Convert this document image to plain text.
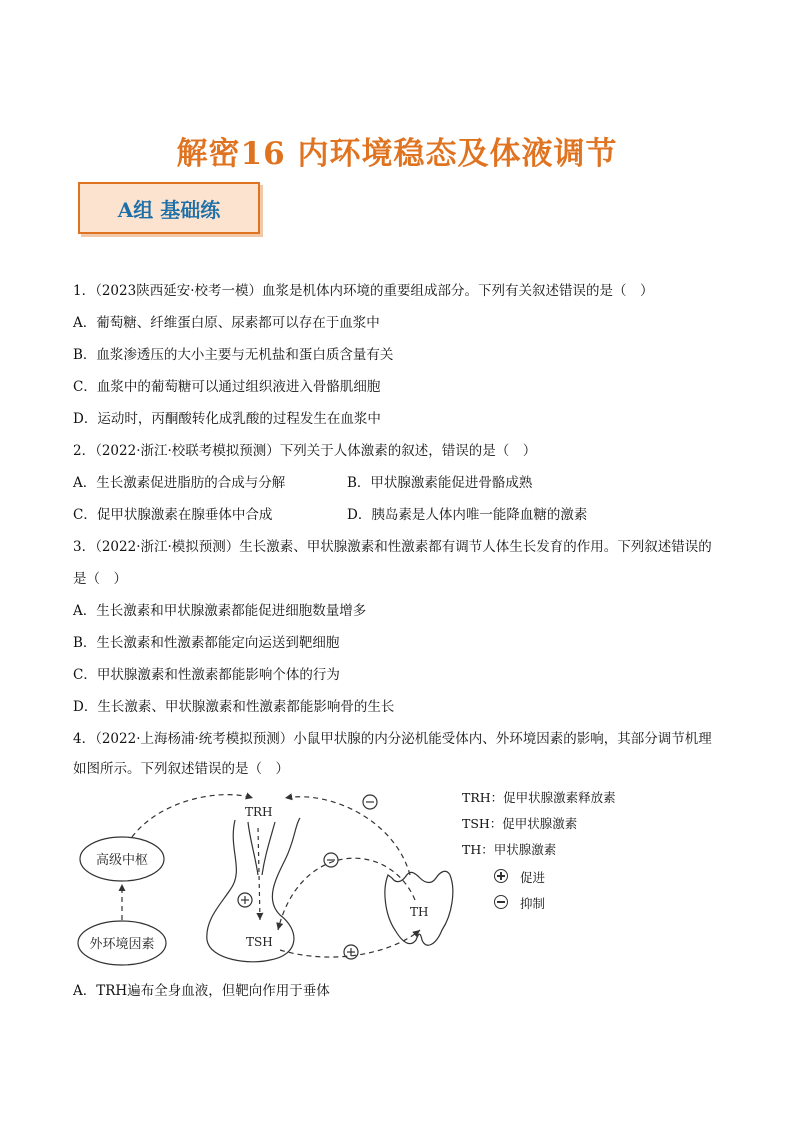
解密16 内环境稳态及体液调节
A组 基础练
1．（2023陕西延安·校考一模）血浆是机体内环境的重要组成部分。下列有关叙述错误的是（　）
A．葡萄糖、纤维蛋白原、尿素都可以存在于血浆中
B．血浆渗透压的大小主要与无机盐和蛋白质含量有关
C．血浆中的葡萄糖可以通过组织液进入骨骼肌细胞
D．运动时，丙酮酸转化成乳酸的过程发生在血浆中
2．（2022·浙江·校联考模拟预测）下列关于人体激素的叙述，错误的是（　）
A．生长激素促进脂肪的合成与分解	B．甲状腺激素能促进骨骼成熟
C．促甲状腺激素在腺垂体中合成	D．胰岛素是人体内唯一能降血糖的激素
3．（2022·浙江·模拟预测）生长激素、甲状腺激素和性激素都有调节人体生长发育的作用。下列叙述错误的
是（　）
A．生长激素和甲状腺激素都能促进细胞数量增多
B．生长激素和性激素都能定向运送到靶细胞
C．甲状腺激素和性激素都能影响个体的行为
D．生长激素、甲状腺激素和性激素都能影响骨的生长
4．（2022·上海杨浦·统考模拟预测）小鼠甲状腺的内分泌机能受体内、外环境因素的影响，其部分调节机理
如图所示。下列叙述错误的是（　）
高级中枢
外环境因素
TRH
TSH
TH
TRH：促甲状腺激素释放素
TSH：促甲状腺激素
TH：甲状腺激素
促进
抑制
A．TRH遍布全身血液，但靶向作用于垂体
